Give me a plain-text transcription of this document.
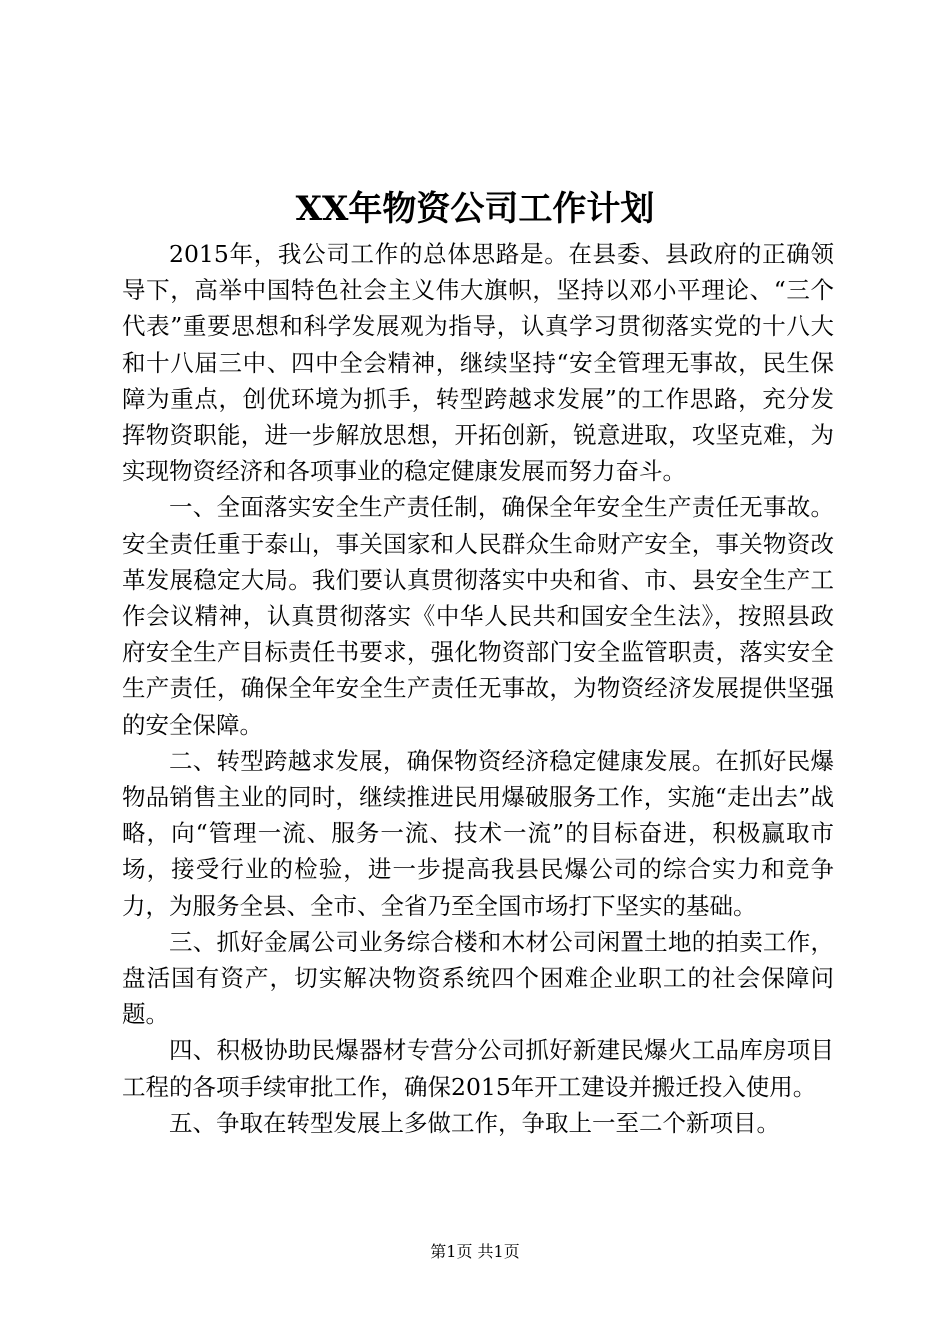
XX年物资公司工作计划

2015年，我公司工作的总体思路是。在县委、县政府的正确领导下，高举中国特色社会主义伟大旗帜，坚持以邓小平理论、“三个代表”重要思想和科学发展观为指导，认真学习贯彻落实党的十八大和十八届三中、四中全会精神，继续坚持“安全管理无事故，民生保障为重点，创优环境为抓手，转型跨越求发展”的工作思路，充分发挥物资职能，进一步解放思想，开拓创新，锐意进取，攻坚克难，为实现物资经济和各项事业的稳定健康发展而努力奋斗。

一、全面落实安全生产责任制，确保全年安全生产责任无事故。安全责任重于泰山，事关国家和人民群众生命财产安全，事关物资改革发展稳定大局。我们要认真贯彻落实中央和省、市、县安全生产工作会议精神，认真贯彻落实《中华人民共和国安全生法》，按照县政府安全生产目标责任书要求，强化物资部门安全监管职责，落实安全生产责任，确保全年安全生产责任无事故，为物资经济发展提供坚强的安全保障。

二、转型跨越求发展，确保物资经济稳定健康发展。在抓好民爆物品销售主业的同时，继续推进民用爆破服务工作，实施“走出去”战略，向“管理一流、服务一流、技术一流”的目标奋进，积极赢取市场，接受行业的检验，进一步提高我县民爆公司的综合实力和竞争力，为服务全县、全市、全省乃至全国市场打下坚实的基础。

三、抓好金属公司业务综合楼和木材公司闲置土地的拍卖工作，盘活国有资产，切实解决物资系统四个困难企业职工的社会保障问题。

四、积极协助民爆器材专营分公司抓好新建民爆火工品库房项目工程的各项手续审批工作，确保2015年开工建设并搬迁投入使用。

五、争取在转型发展上多做工作，争取上一至二个新项目。

第1页 共1页
